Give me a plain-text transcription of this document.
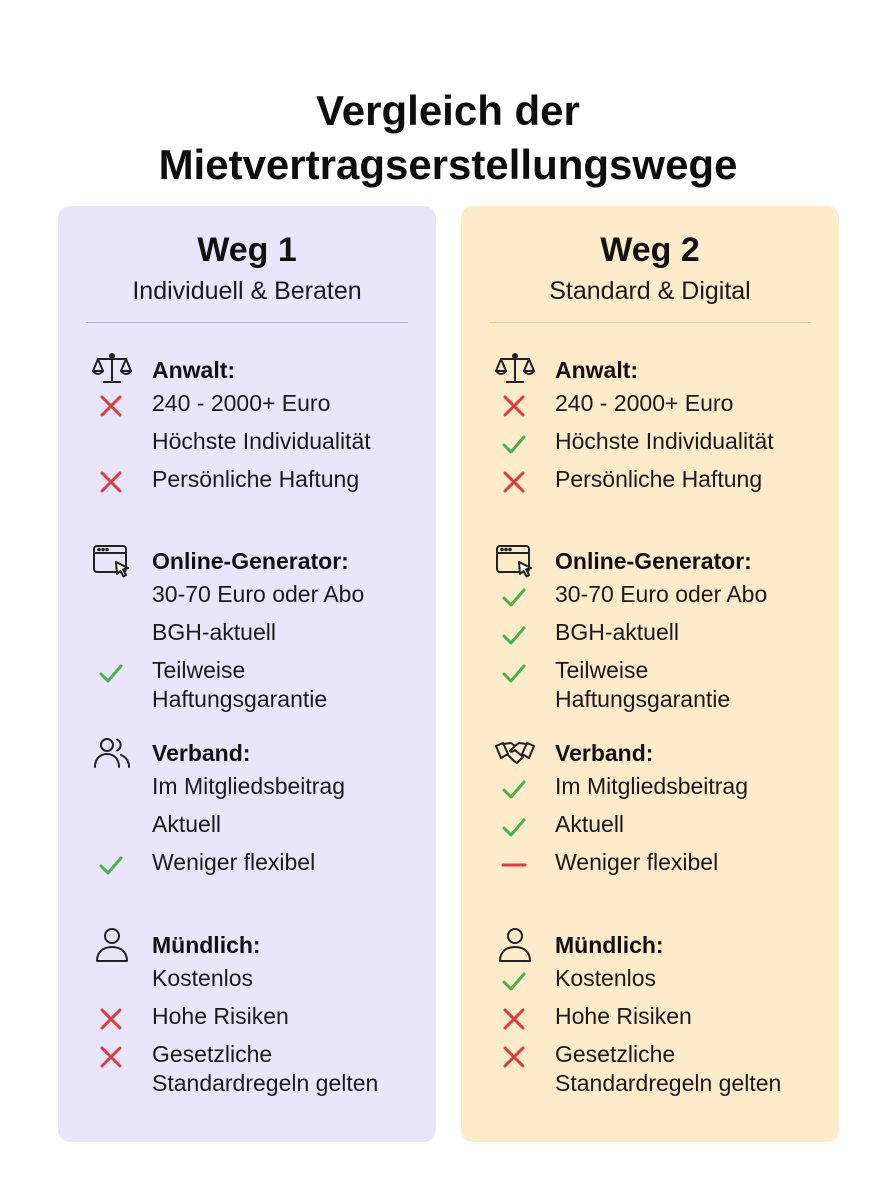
Vergleich der
Mietvertragserstellungswege
Weg 1
Individuell & Beraten
Anwalt:
240 - 2000+ Euro
Höchste Individualität
Persönliche Haftung
Online-Generator:
30-70 Euro oder Abo
BGH-aktuell
Teilweise Haftungsgarantie
Verband:
Im Mitgliedsbeitrag
Aktuell
Weniger flexibel
Mündlich:
Kostenlos
Hohe Risiken
Gesetzliche Standardregeln gelten
Weg 2
Standard & Digital
Anwalt:
240 - 2000+ Euro
Höchste Individualität
Persönliche Haftung
Online-Generator:
30-70 Euro oder Abo
BGH-aktuell
Teilweise Haftungsgarantie
Verband:
Im Mitgliedsbeitrag
Aktuell
Weniger flexibel
Mündlich:
Kostenlos
Hohe Risiken
Gesetzliche Standardregeln gelten
